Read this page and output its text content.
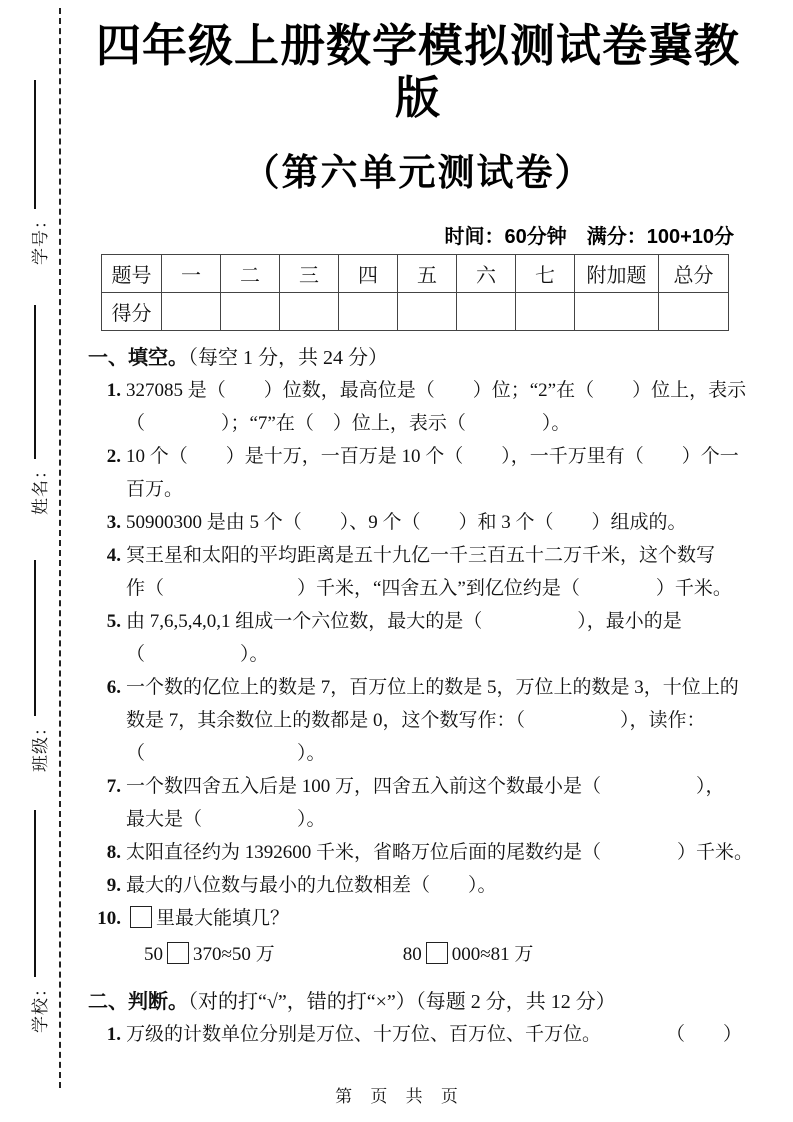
学号：
姓名：
班级：
学校：
四年级上册数学模拟测试卷冀教版
（第六单元测试卷）
时间：60分钟　满分：100+10分
题号	一	二	三	四	五	六	七	附加题	总分
得分									
一、填空。（每空 1 分，共 24 分）
1. 327085 是（　　）位数，最高位是（　　）位；“2”在（　　）位上，表示
（　　　　）；“7”在（　）位上，表示（　　　　）。
2. 10 个（　　）是十万，一百万是 10 个（　　），一千万里有（　　）个一
百万。
3. 50900300 是由 5 个（　　）、9 个（　　）和 3 个（　　）组成的。
4. 冥王星和太阳的平均距离是五十九亿一千三百五十二万千米，这个数写
作（　　　　　　　）千米，“四舍五入”到亿位约是（　　　　）千米。
5. 由 7,6,5,4,0,1 组成一个六位数，最大的是（　　　　　），最小的是
（　　　　　）。
6. 一个数的亿位上的数是 7，百万位上的数是 5，万位上的数是 3，十位上的
数是 7，其余数位上的数都是 0，这个数写作：（　　　　　），读作：
（　　　　　　　　）。
7. 一个数四舍五入后是 100 万，四舍五入前这个数最小是（　　　　　），
最大是（　　　　　）。
8. 太阳直径约为 1392600 千米，省略万位后面的尾数约是（　　　　）千米。
9. 最大的八位数与最小的九位数相差（　　）。
10.	里最大能填几？
50 370≈50 万	80 000≈81 万
二、判断。（对的打“√”，错的打“×”）（每题 2 分，共 12 分）
1. 万级的计数单位分别是万位、十万位、百万位、千万位。	（　　）
第 页 共 页
